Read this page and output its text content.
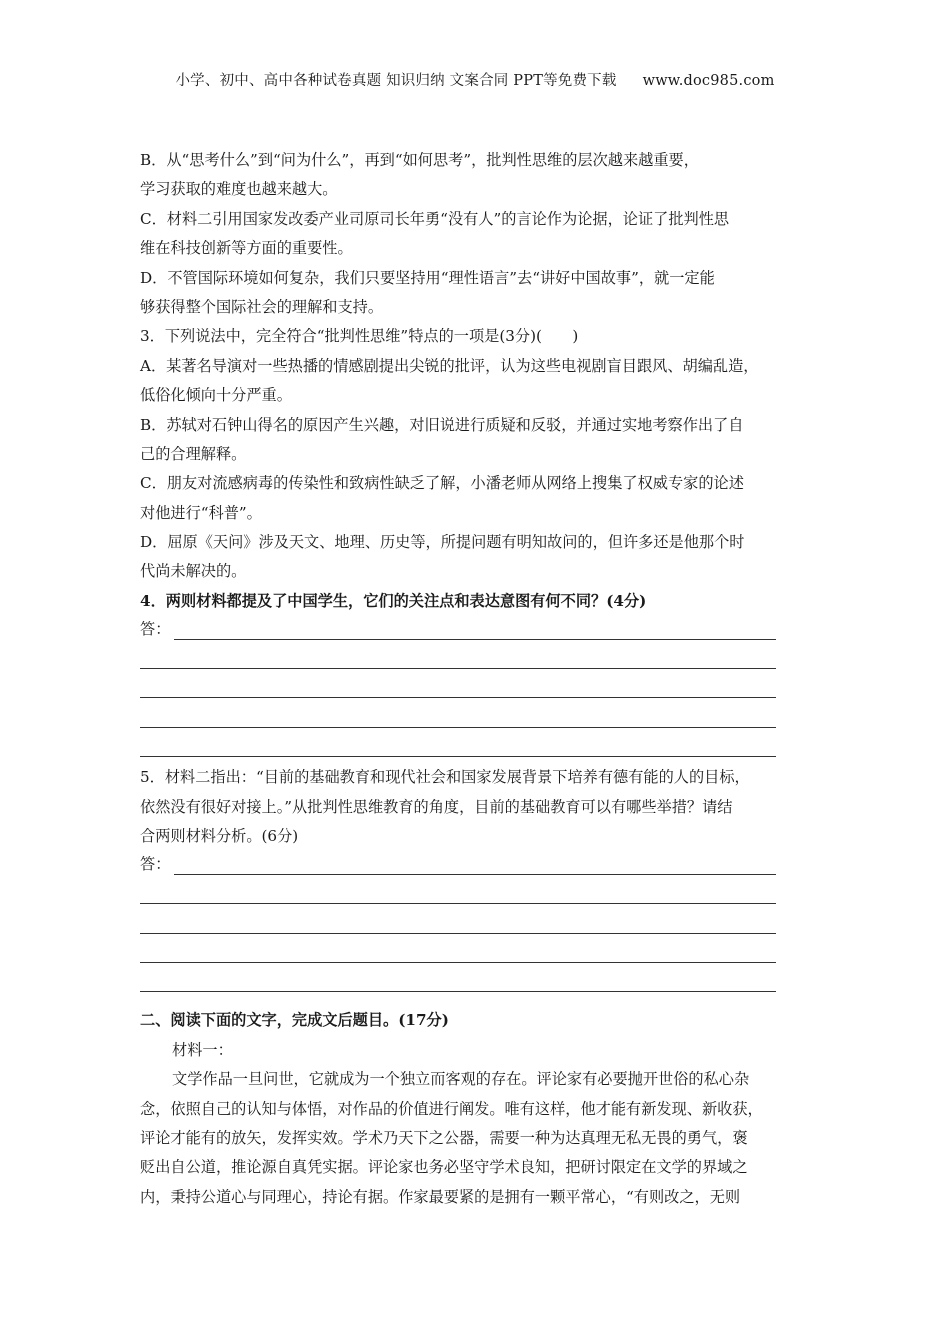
小学、初中、高中各种试卷真题 知识归纳 文案合同 PPT等免费下载 www.doc985.com
B．从“思考什么”到“问为什么”，再到“如何思考”，批判性思维的层次越来越重要，
学习获取的难度也越来越大。
C．材料二引用国家发改委产业司原司长年勇“没有人”的言论作为论据，论证了批判性思
维在科技创新等方面的重要性。
D．不管国际环境如何复杂，我们只要坚持用“理性语言”去“讲好中国故事”，就一定能
够获得整个国际社会的理解和支持。
3．下列说法中，完全符合“批判性思维”特点的一项是(3分)(　　)
A．某著名导演对一些热播的情感剧提出尖锐的批评，认为这些电视剧盲目跟风、胡编乱造，
低俗化倾向十分严重。
B．苏轼对石钟山得名的原因产生兴趣，对旧说进行质疑和反驳，并通过实地考察作出了自
己的合理解释。
C．朋友对流感病毒的传染性和致病性缺乏了解，小潘老师从网络上搜集了权威专家的论述
对他进行“科普”。
D．屈原《天问》涉及天文、地理、历史等，所提问题有明知故问的，但许多还是他那个时
代尚未解决的。
4．两则材料都提及了中国学生，它们的关注点和表达意图有何不同？(4分)
答：
5．材料二指出：“目前的基础教育和现代社会和国家发展背景下培养有德有能的人的目标，
依然没有很好对接上。”从批判性思维教育的角度，目前的基础教育可以有哪些举措？请结
合两则材料分析。(6分)
答：
二、阅读下面的文字，完成文后题目。(17分)
材料一：
文学作品一旦问世，它就成为一个独立而客观的存在。评论家有必要抛开世俗的私心杂
念，依照自己的认知与体悟，对作品的价值进行阐发。唯有这样，他才能有新发现、新收获，
评论才能有的放矢，发挥实效。学术乃天下之公器，需要一种为达真理无私无畏的勇气，褒
贬出自公道，推论源自真凭实据。评论家也务必坚守学术良知，把研讨限定在文学的界域之
内，秉持公道心与同理心，持论有据。作家最要紧的是拥有一颗平常心，“有则改之，无则
